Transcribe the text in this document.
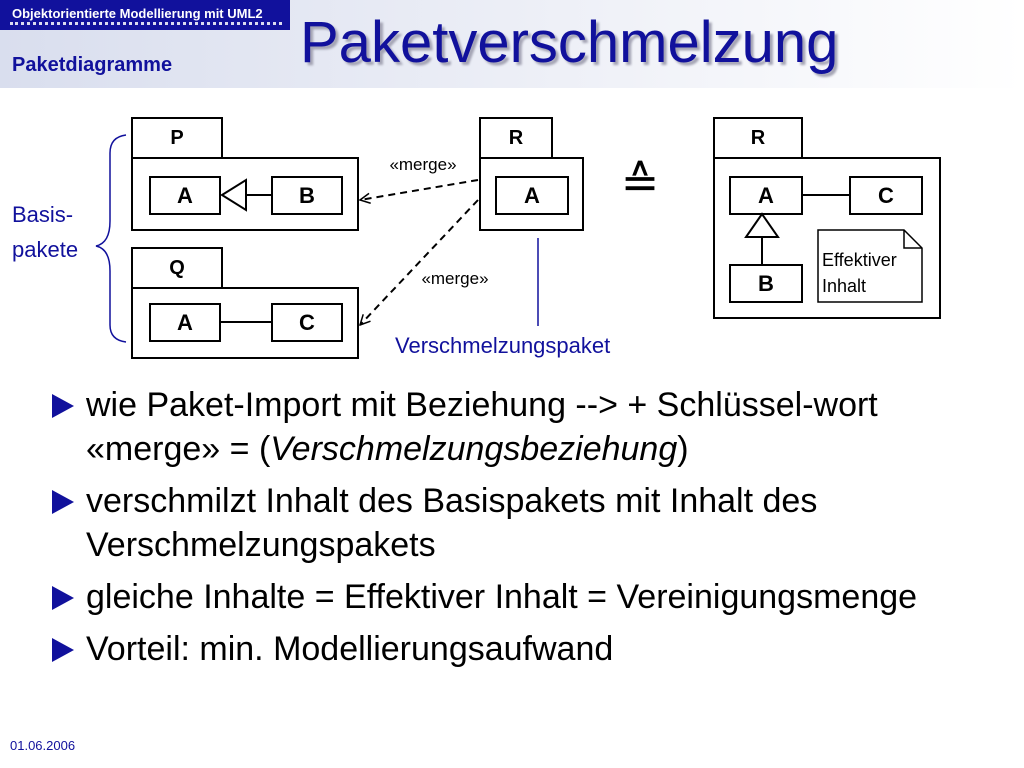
Objektorientierte Modellierung mit UML2
Paketdiagramme Paketverschmelzung
Basis- pakete
P
A	B
Q
A	C
R
A
«merge»
«merge»
Verschmelzungspaket
≙
R
A	C
B
Effektiver Inhalt
wie Paket-Import mit Beziehung --> + Schlüssel-wort «merge» = (Verschmelzungsbeziehung)
verschmilzt Inhalt des Basispakets mit Inhalt des Verschmelzungspakets
gleiche Inhalte = Effektiver Inhalt = Vereinigungsmenge
Vorteil: min. Modellierungsaufwand
01.06.2006
